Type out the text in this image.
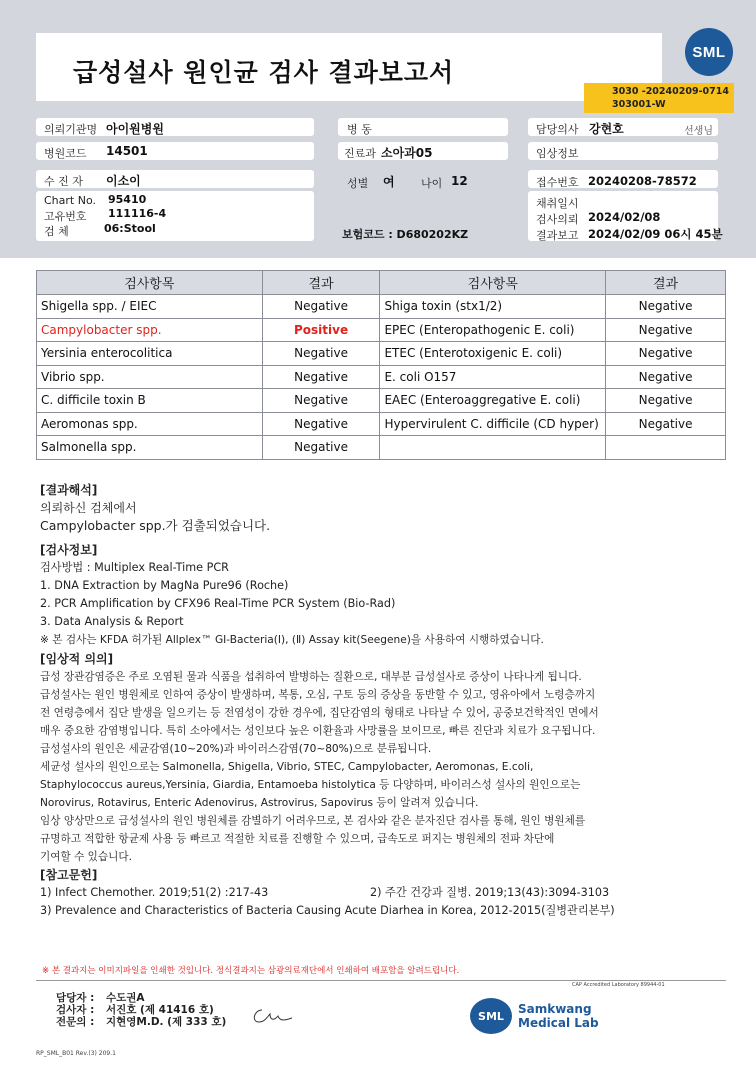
급성설사 원인균 검사 결과보고서
SML
3030 -20240209-0714
303001-W
의뢰기관명 아이원병원	병 동	담당의사 강현호	선생님
병원코드 14501	진료과 소아과05	임상정보
수 진 자 이소이	성별 여 나이 12	접수번호 20240208-78572
Chart No. 95410
고유번호 111116-4
검 체	06:Stool	보험코드 : D680202KZ
채취일시
검사의뢰 2024/02/08
결과보고 2024/02/09 06시 45분
검사항목	결과	검사항목	결과
Shigella spp. / EIEC	Negative	Shiga toxin (stx1/2)	Negative
Campylobacter spp.	Positive	EPEC (Enteropathogenic E. coli)	Negative
Yersinia enterocolitica	Negative	ETEC (Enterotoxigenic E. coli)	Negative
Vibrio spp.	Negative	E. coli O157	Negative
C. difficile toxin B	Negative	EAEC (Enteroaggregative E. coli)	Negative
Aeromonas spp.	Negative	Hypervirulent C. difficile (CD hyper)	Negative
Salmonella spp.	Negative		
[결과해석]
의뢰하신 검체에서
Campylobacter spp.가 검출되었습니다.
[검사정보]
검사방법 : Multiplex Real-Time PCR
1. DNA Extraction by MagNa Pure96 (Roche)
2. PCR Amplification by CFX96 Real-Time PCR System (Bio-Rad)
3. Data Analysis & Report
※ 본 검사는 KFDA 허가된 Allplex™ GI-Bacteria(Ⅰ), (Ⅱ) Assay kit(Seegene)을 사용하여 시행하였습니다.
[임상적 의의]
급성 장관감염증은 주로 오염된 물과 식품을 섭취하여 발병하는 질환으로, 대부분 급성설사로 증상이 나타나게 됩니다.
급성설사는 원인 병원체로 인하여 증상이 발생하며, 복통, 오심, 구토 등의 증상을 동반할 수 있고, 영유아에서 노령층까지
전 연령층에서 집단 발생을 일으키는 등 전염성이 강한 경우에, 집단감염의 형태로 나타날 수 있어, 공중보건학적인 면에서
매우 중요한 감염병입니다. 특히 소아에서는 성인보다 높은 이환율과 사망률을 보이므로, 빠른 진단과 치료가 요구됩니다.
급성설사의 원인은 세균감염(10~20%)과 바이러스감염(70~80%)으로 분류됩니다.
세균성 설사의 원인으로는 Salmonella, Shigella, Vibrio, STEC, Campylobacter, Aeromonas, E.coli,
Staphylococcus aureus,Yersinia, Giardia, Entamoeba histolytica 등 다양하며, 바이러스성 설사의 원인으로는
Norovirus, Rotavirus, Enteric Adenovirus, Astrovirus, Sapovirus 등이 알려져 있습니다.
임상 양상만으로 급성설사의 원인 병원체를 감별하기 어려우므로, 본 검사와 같은 분자진단 검사를 통해, 원인 병원체를
규명하고 적합한 항균제 사용 등 빠르고 적절한 치료를 진행할 수 있으며, 급속도로 퍼지는 병원체의 전파 차단에
기여할 수 있습니다.
[참고문헌]
1) Infect Chemother. 2019;51(2) :217-43	2) 주간 건강과 질병. 2019;13(43):3094-3103
3) Prevalence and Characteristics of Bacteria Causing Acute Diarhea in Korea, 2012-2015(질병관리본부)
※ 본 결과지는 이미지파일을 인쇄한 것입니다. 정식결과지는 삼광의료재단에서 인쇄하여 배포함을 알려드립니다.
CAP Accredited Laboratory 89944-01
담당자 : 수도권A
검사자 : 서진호 (제 41416 호)
전문의 : 지현영M.D. (제 333 호)	SML	Samkwang
Medical Lab
RP_SML_B01 Rev.(3) 209.1
